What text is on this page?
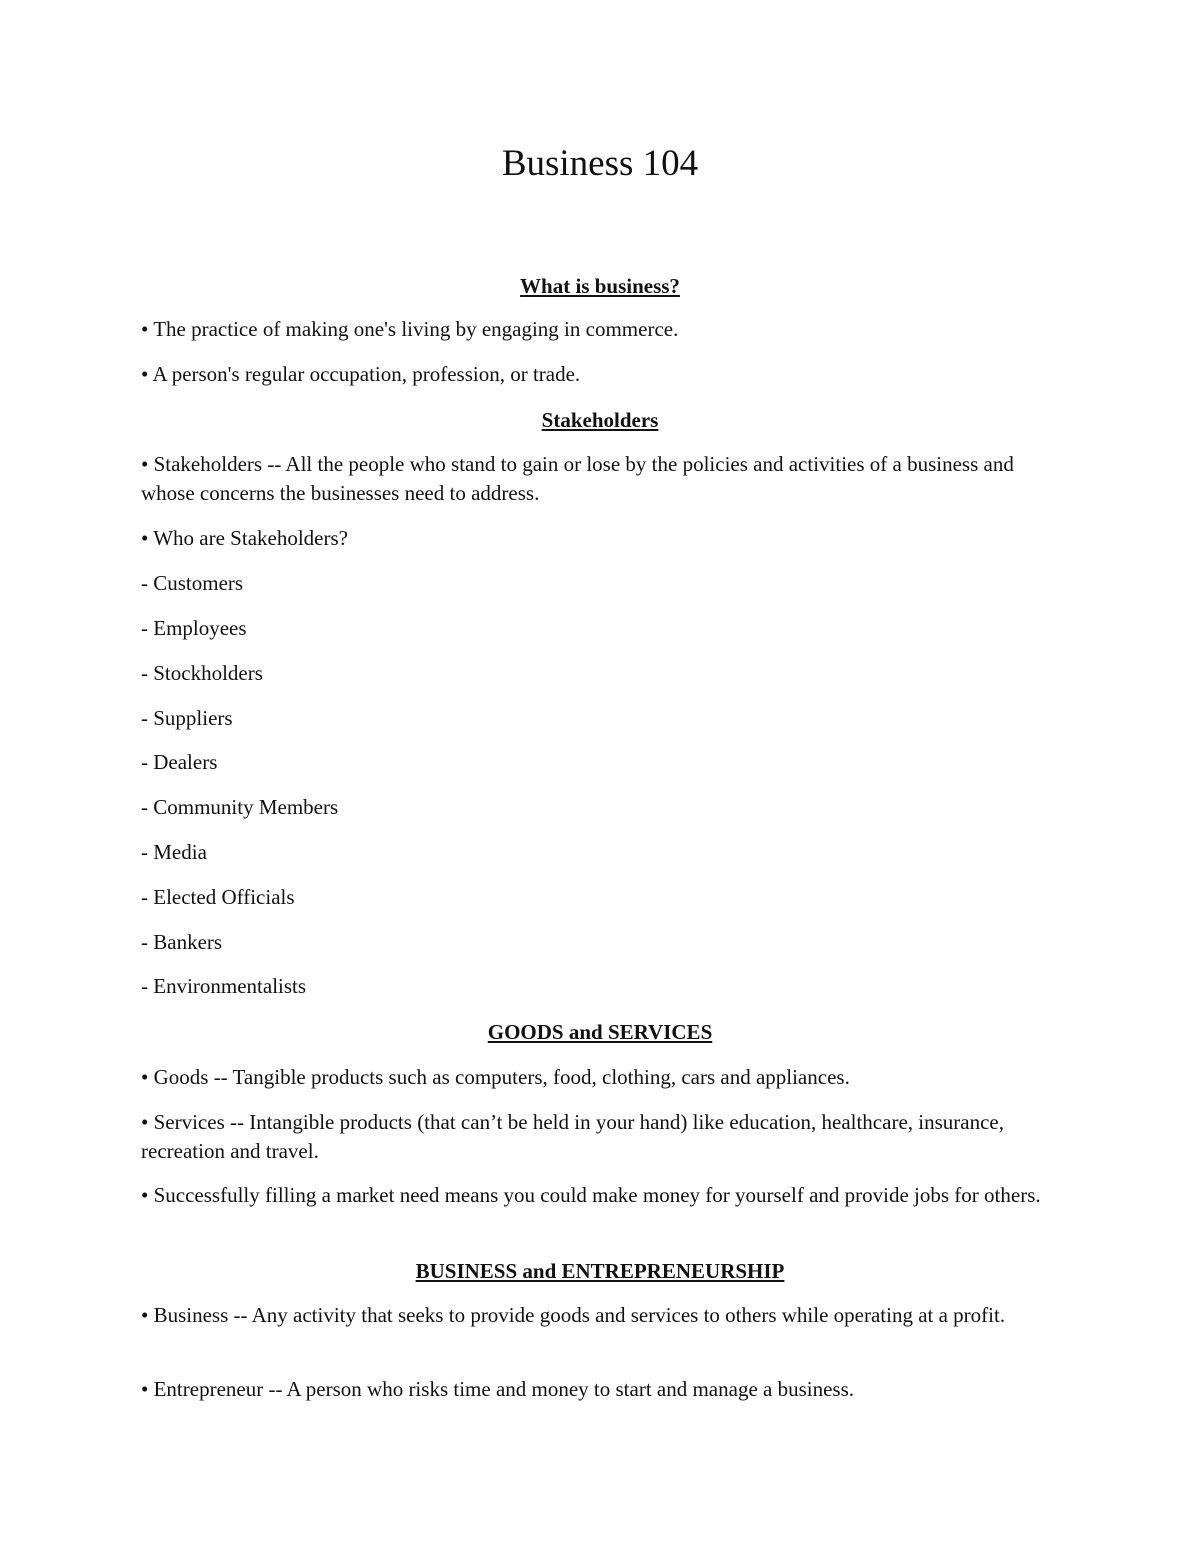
Business 104
What is business?
• The practice of making one's living by engaging in commerce.
• A person's regular occupation, profession, or trade.
Stakeholders
• Stakeholders -- All the people who stand to gain or lose by the policies and activities of a business and whose concerns the businesses need to address.
• Who are Stakeholders?
- Customers
- Employees
- Stockholders
- Suppliers
- Dealers
- Community Members
- Media
- Elected Officials
- Bankers
- Environmentalists
GOODS and SERVICES
• Goods -- Tangible products such as computers, food, clothing, cars and appliances.
• Services -- Intangible products (that can’t be held in your hand) like education, healthcare, insurance, recreation and travel.
• Successfully filling a market need means you could make money for yourself and provide jobs for others.
BUSINESS and ENTREPRENEURSHIP
• Business -- Any activity that seeks to provide goods and services to others while operating at a profit.
• Entrepreneur -- A person who risks time and money to start and manage a business.
